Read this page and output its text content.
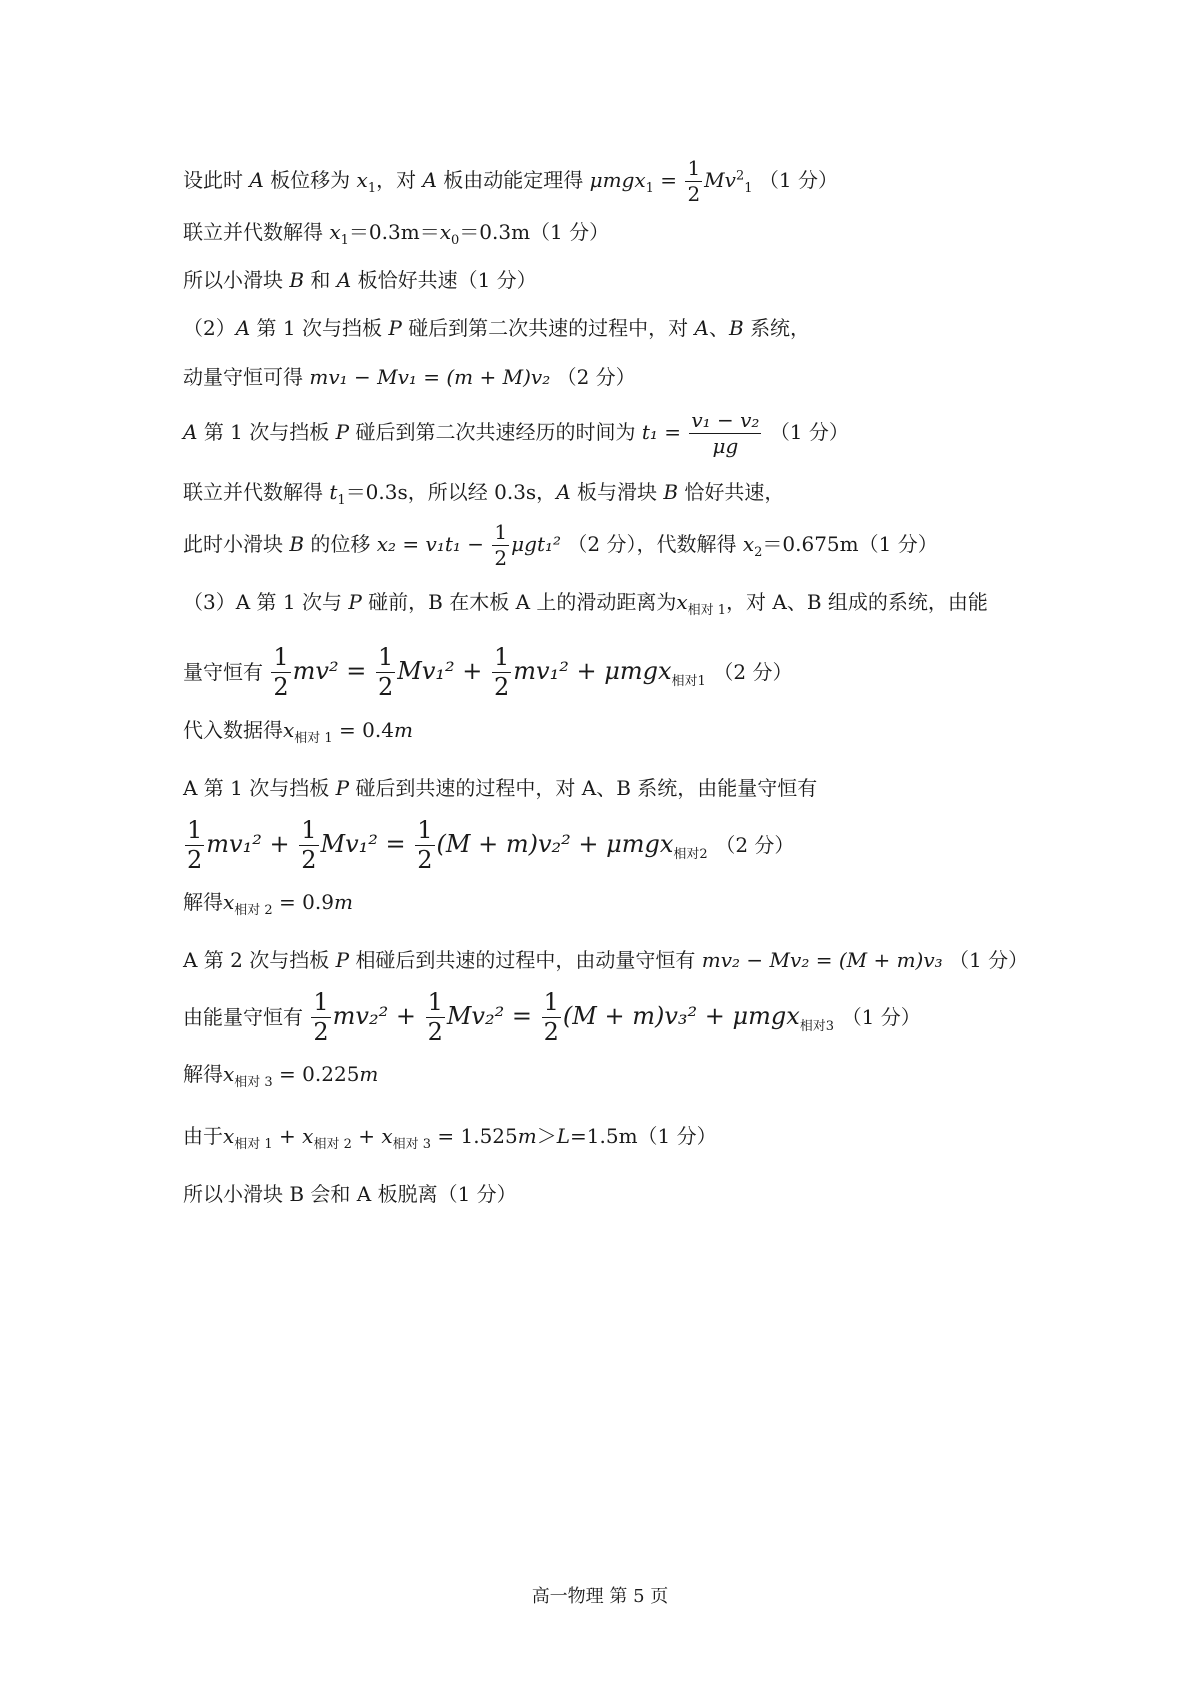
设此时 A 板位移为 $x_1$，对 A 板由动能定理得 $\mu mgx_1 = \frac{1}{2} Mv^2_1$ （1 分）
联立并代数解得 $x_1=0.3m=x_0=0.3m(1$ 分）
所以小滑块 B 和 A 板恰好共速（1 分）
（2）A 第 1 次与挡板 P 碰后到第二次共速的过程中，对 A、B 系统，
动量守恒可得 mv₁ − Mv₁ = (m + M)v₂ （2 分）
A 第 1 次与挡板 P 碰后到第二次共速经历的时间为 $t_1 = \frac{\text{v₁ − v₂}}{\mu g} (1$ 分）
联立并代数解得 $t_1=0.3s$，所以经 0.3s，A 板与滑块 B 恰好共速，
此时小滑块 B 的位移 $x_2 = v_1t_1 - \frac{1}{2} \mu gt_1^2$ （2 分），代数解得 $x_2=0.675m(1$ 分）
（3）A 第 1 次与 P 碰前，B 在木板 A 上的滑动距离为$x_{相对 1}$，对 A、B 组成的系统，由能
量守恒有 $\frac{1}{2} mv^2 = \frac{1}{2} Mv_1^2 + \frac{1}{2} mv_1^2 + \mu mgx_{相对1}$ （2 分）
代入数据得$x_{相对 1} = 0.4m$
A 第 1 次与挡板 P 碰后到共速的过程中，对 A、B 系统，由能量守恒有
$\frac{1}{2} mv_1^2 + \frac{1}{2} Mv_1^2 = \frac{1}{2} (M + m)v_2^2 + \mu mgx_{相对2}$ （2 分）
解得$x_{相对 2} = 0.9m$
A 第 2 次与挡板 P 相碰后到共速的过程中，由动量守恒有 mv₂ − Mv₂ = (M + m)v₃ （1 分）
由能量守恒有 $\frac{1}{2} mv_2^2 + \frac{1}{2} Mv_2^2 = \frac{1}{2} (M + m)v_3^2 + \mu mgx_{相对3}$ （1 分）
解得$x_{相对 3} = 0.225m$
由于$x_{相对 1} + x_{相对 2} + x_{相对 3} = 1.525m>L=1.5m(1$ 分）
所以小滑块 B 会和 A 板脱离（1 分）
高一物理 第 5 页
